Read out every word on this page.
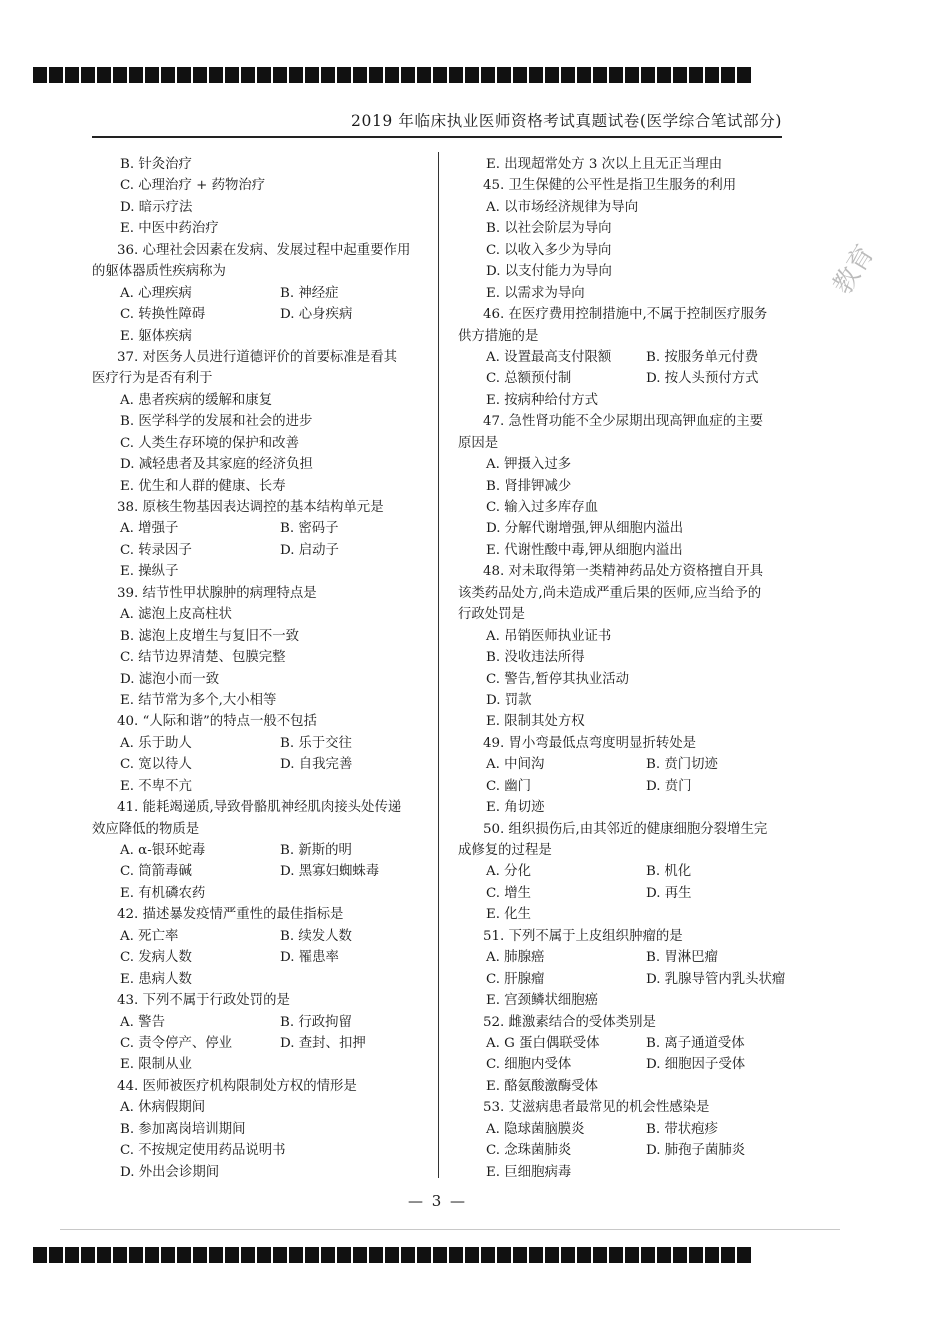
2019 年临床执业医师资格考试真题试卷(医学综合笔试部分)
教育
B. 针灸治疗
C. 心理治疗 + 药物治疗
D. 暗示疗法
E. 中医中药治疗
36. 心理社会因素在发病、发展过程中起重要作用
的躯体器质性疾病称为
A. 心理疾病	B. 神经症
C. 转换性障碍	D. 心身疾病
E. 躯体疾病
37. 对医务人员进行道德评价的首要标准是看其
医疗行为是否有利于
A. 患者疾病的缓解和康复
B. 医学科学的发展和社会的进步
C. 人类生存环境的保护和改善
D. 减轻患者及其家庭的经济负担
E. 优生和人群的健康、长寿
38. 原核生物基因表达调控的基本结构单元是
A. 增强子	B. 密码子
C. 转录因子	D. 启动子
E. 操纵子
39. 结节性甲状腺肿的病理特点是
A. 滤泡上皮高柱状
B. 滤泡上皮增生与复旧不一致
C. 结节边界清楚、包膜完整
D. 滤泡小而一致
E. 结节常为多个,大小相等
40. “人际和谐”的特点一般不包括
A. 乐于助人	B. 乐于交往
C. 宽以待人	D. 自我完善
E. 不卑不亢
41. 能耗竭递质,导致骨骼肌神经肌肉接头处传递
效应降低的物质是
A. α-银环蛇毒	B. 新斯的明
C. 筒箭毒碱	D. 黑寡妇蜘蛛毒
E. 有机磷农药
42. 描述暴发疫情严重性的最佳指标是
A. 死亡率	B. 续发人数
C. 发病人数	D. 罹患率
E. 患病人数
43. 下列不属于行政处罚的是
A. 警告	B. 行政拘留
C. 责令停产、停业	D. 查封、扣押
E. 限制从业
44. 医师被医疗机构限制处方权的情形是
A. 休病假期间
B. 参加离岗培训期间
C. 不按规定使用药品说明书
D. 外出会诊期间
E. 出现超常处方 3 次以上且无正当理由
45. 卫生保健的公平性是指卫生服务的利用
A. 以市场经济规律为导向
B. 以社会阶层为导向
C. 以收入多少为导向
D. 以支付能力为导向
E. 以需求为导向
46. 在医疗费用控制措施中,不属于控制医疗服务
供方措施的是
A. 设置最高支付限额	B. 按服务单元付费
C. 总额预付制	D. 按人头预付方式
E. 按病种给付方式
47. 急性肾功能不全少尿期出现高钾血症的主要
原因是
A. 钾摄入过多
B. 肾排钾减少
C. 输入过多库存血
D. 分解代谢增强,钾从细胞内溢出
E. 代谢性酸中毒,钾从细胞内溢出
48. 对未取得第一类精神药品处方资格擅自开具
该类药品处方,尚未造成严重后果的医师,应当给予的
行政处罚是
A. 吊销医师执业证书
B. 没收违法所得
C. 警告,暂停其执业活动
D. 罚款
E. 限制其处方权
49. 胃小弯最低点弯度明显折转处是
A. 中间沟	B. 贲门切迹
C. 幽门	D. 贲门
E. 角切迹
50. 组织损伤后,由其邻近的健康细胞分裂增生完
成修复的过程是
A. 分化	B. 机化
C. 增生	D. 再生
E. 化生
51. 下列不属于上皮组织肿瘤的是
A. 肺腺癌	B. 胃淋巴瘤
C. 肝腺瘤	D. 乳腺导管内乳头状瘤
E. 宫颈鳞状细胞癌
52. 雌激素结合的受体类别是
A. G 蛋白偶联受体	B. 离子通道受体
C. 细胞内受体	D. 细胞因子受体
E. 酪氨酸激酶受体
53. 艾滋病患者最常见的机会性感染是
A. 隐球菌脑膜炎	B. 带状疱疹
C. 念珠菌肺炎	D. 肺孢子菌肺炎
E. 巨细胞病毒
— 3 —
